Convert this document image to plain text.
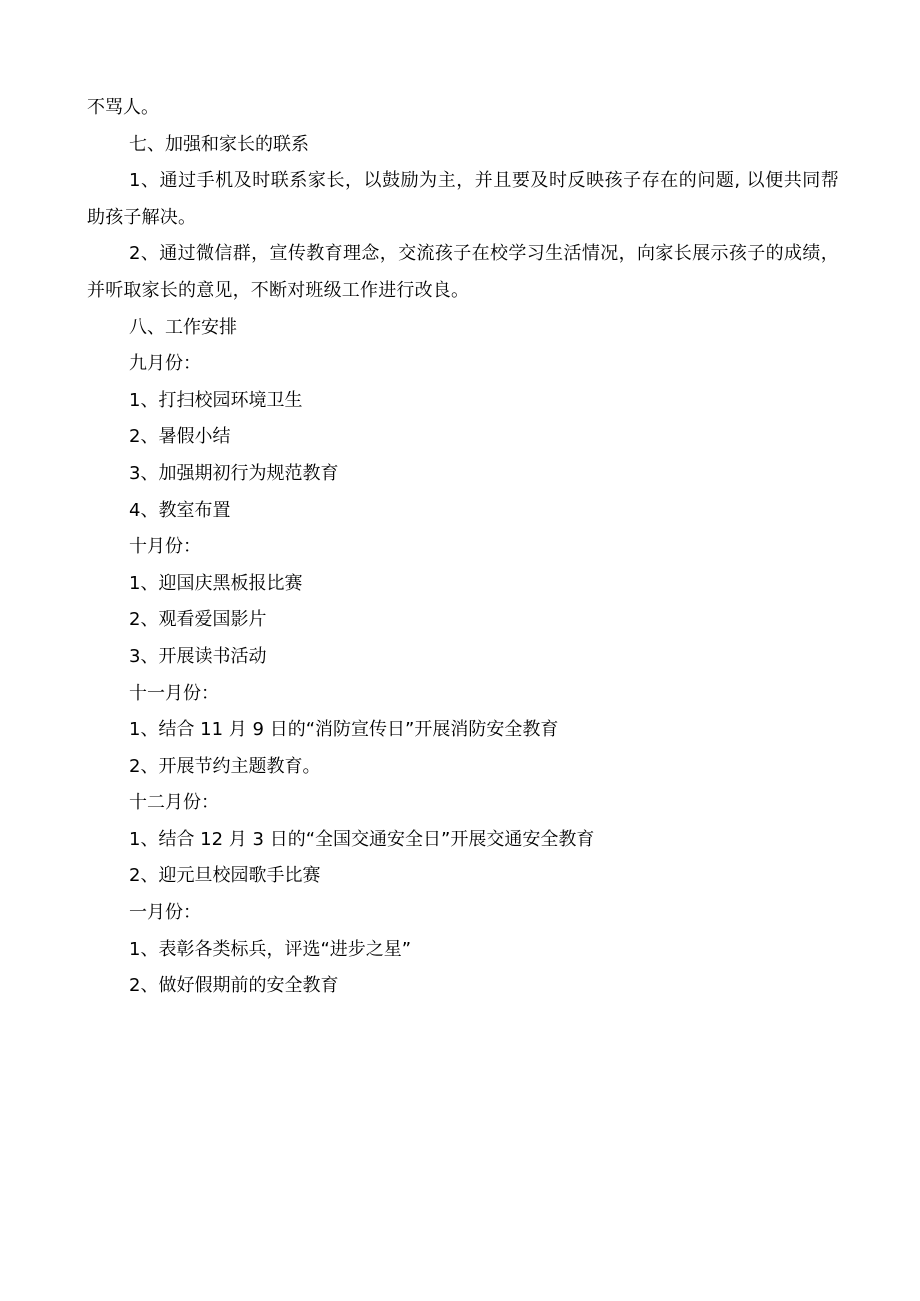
不骂人。
七、加强和家长的联系
1、通过手机及时联系家长，以鼓励为主，并且要及时反映孩子存在的问题, 以便共同帮助孩子解决。
2、通过微信群，宣传教育理念，交流孩子在校学习生活情况，向家长展示孩子的成绩，并听取家长的意见，不断对班级工作进行改良。
八、工作安排
九月份：
1、打扫校园环境卫生
2、暑假小结
3、加强期初行为规范教育
4、教室布置
十月份：
1、迎国庆黑板报比赛
2、观看爱国影片
3、开展读书活动
十一月份：
1、结合 11 月 9 日的“消防宣传日”开展消防安全教育
2、开展节约主题教育。
十二月份：
1、结合 12 月 3 日的“全国交通安全日”开展交通安全教育
2、迎元旦校园歌手比赛
一月份：
1、表彰各类标兵，评选“进步之星”
2、做好假期前的安全教育
